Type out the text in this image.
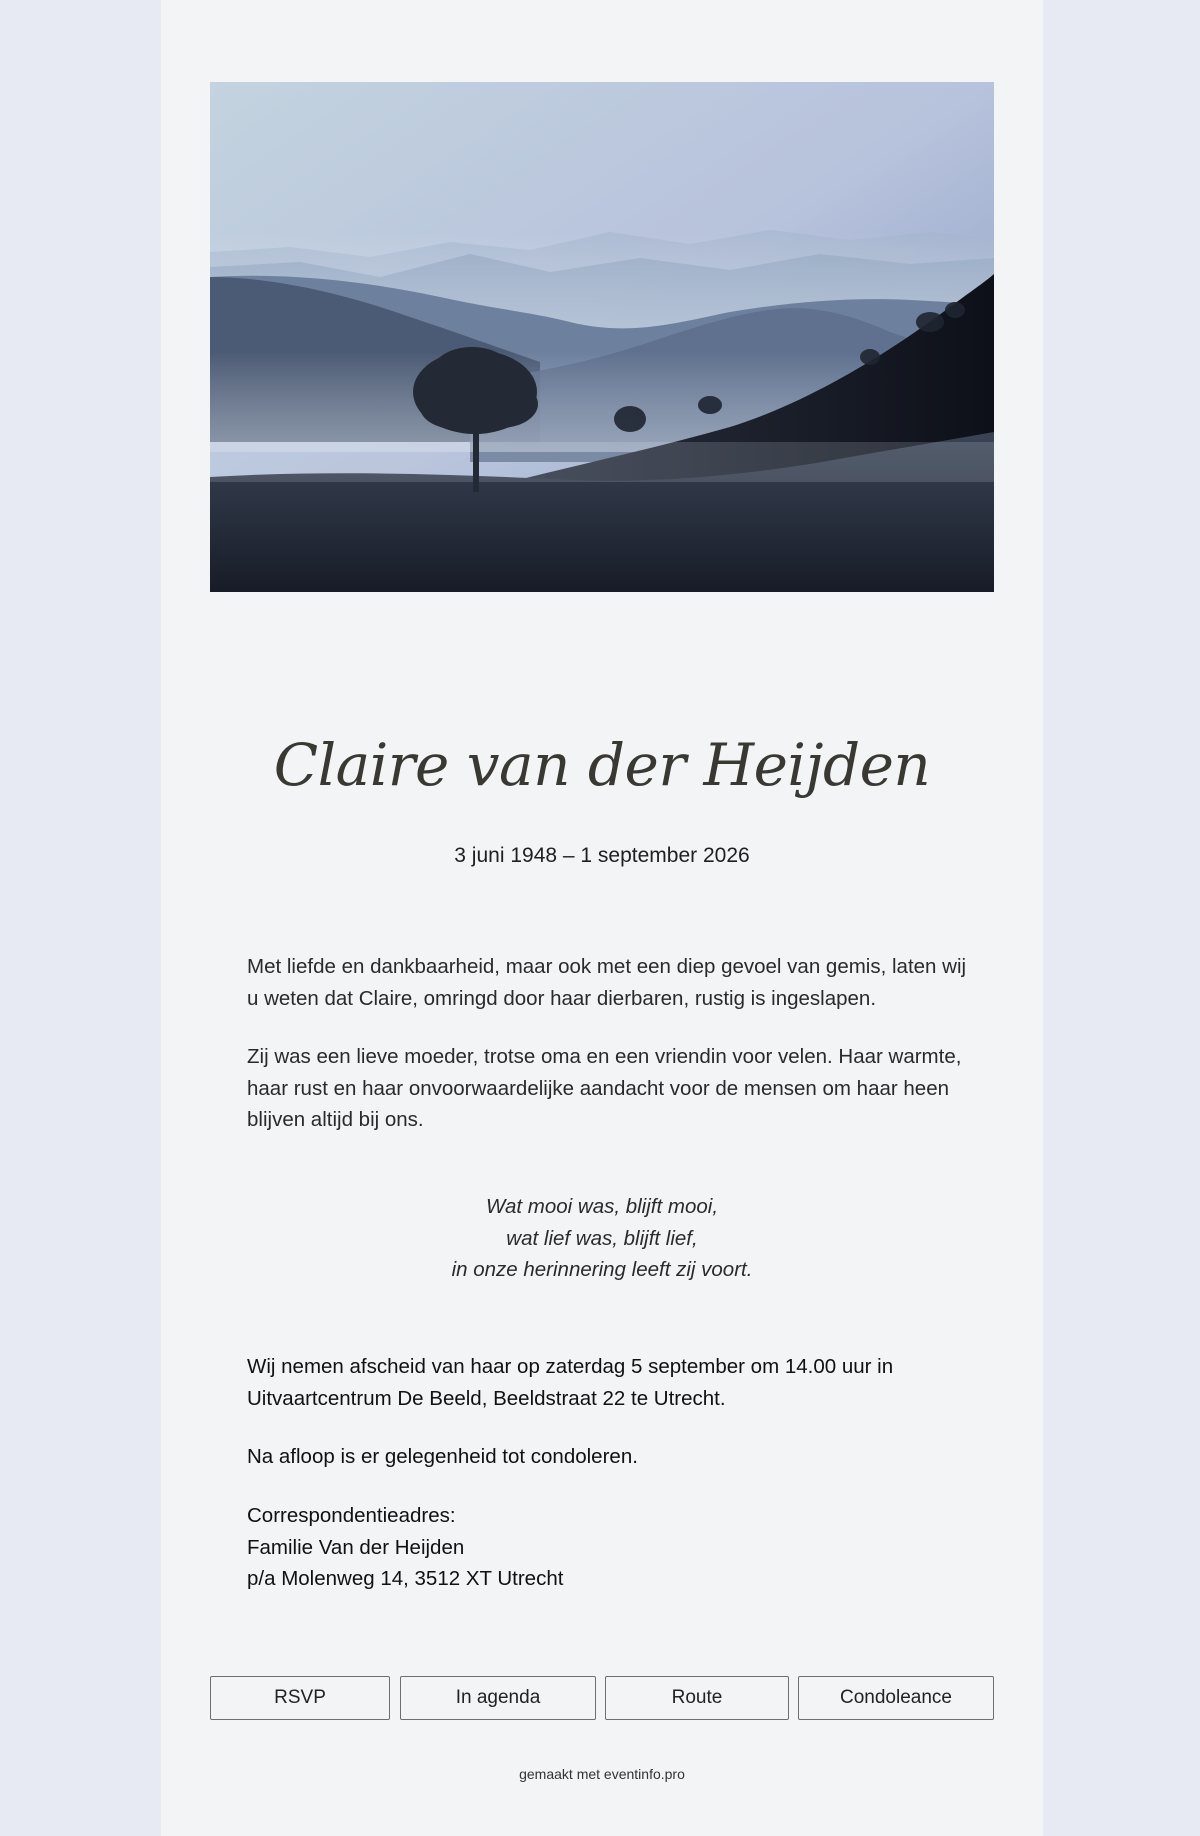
Claire van der Heijden
3 juni 1948 – 1 september 2026

Met liefde en dankbaarheid, maar ook met een diep gevoel van gemis, laten wij u weten dat Claire, omringd door haar dierbaren, rustig is ingeslapen.

Zij was een lieve moeder, trotse oma en een vriendin voor velen. Haar warmte, haar rust en haar onvoorwaardelijke aandacht voor de mensen om haar heen blijven altijd bij ons.

Wat mooi was, blijft mooi,
wat lief was, blijft lief,
in onze herinnering leeft zij voort.

Wij nemen afscheid van haar op zaterdag 5 september om 14.00 uur in Uitvaartcentrum De Beeld, Beeldstraat 22 te Utrecht.

Na afloop is er gelegenheid tot condoleren.

Correspondentieadres:
Familie Van der Heijden
p/a Molenweg 14, 3512 XT Utrecht
RSVP	In agenda	Route	Condoleance
gemaakt met eventinfo.pro
